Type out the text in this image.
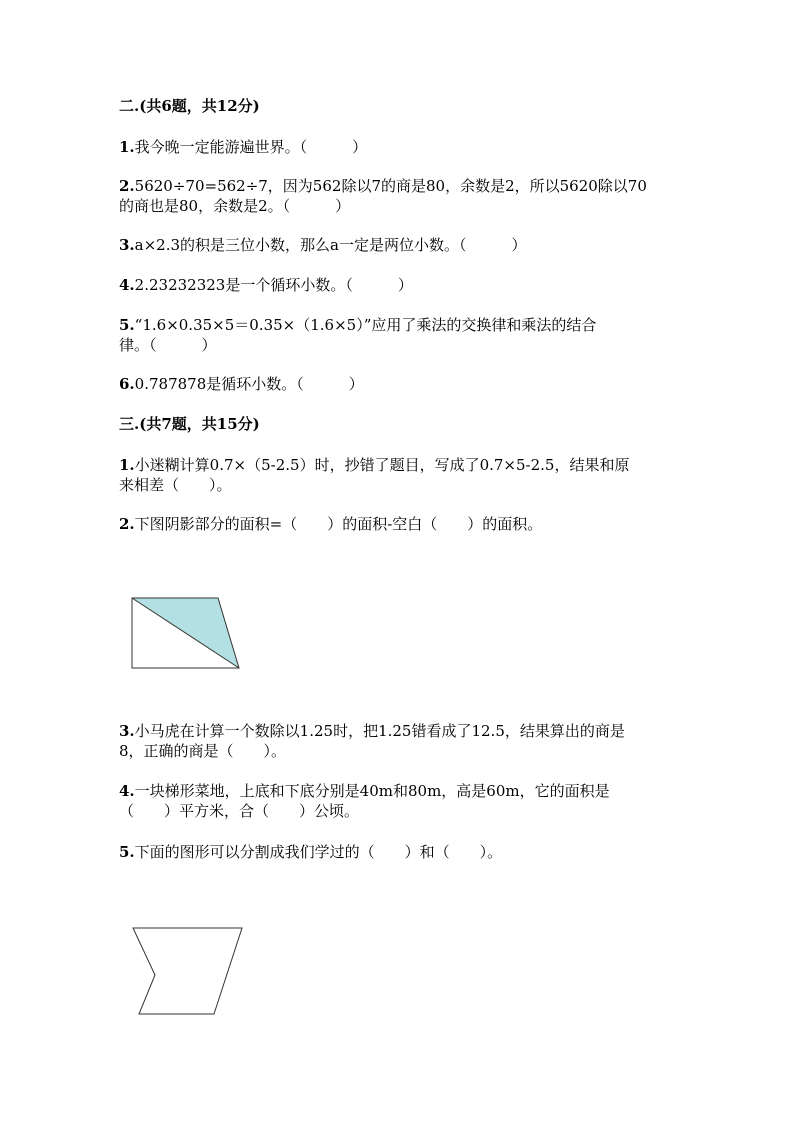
二.(共6题，共12分)
1.我今晚一定能游遍世界。（　　　）
2.5620÷70=562÷7，因为562除以7的商是80，余数是2，所以5620除以70
的商也是80，余数是2。（　　　）
3.a×2.3的积是三位小数，那么a一定是两位小数。（　　　）
4.2.23232323是一个循环小数。（　　　）
5.“1.6×0.35×5＝0.35×（1.6×5）”应用了乘法的交换律和乘法的结合
律。（　　　）
6.0.787878是循环小数。（　　　）
三.(共7题，共15分)
1.小迷糊计算0.7×（5-2.5）时，抄错了题目，写成了0.7×5-2.5，结果和原
来相差（　　）。
2.下图阴影部分的面积=（　　）的面积-空白（　　）的面积。
3.小马虎在计算一个数除以1.25时，把1.25错看成了12.5，结果算出的商是
8，正确的商是（　　）。
4.一块梯形菜地，上底和下底分别是40m和80m，高是60m，它的面积是
（　　）平方米，合（　　）公顷。
5.下面的图形可以分割成我们学过的（　　）和（　　）。
